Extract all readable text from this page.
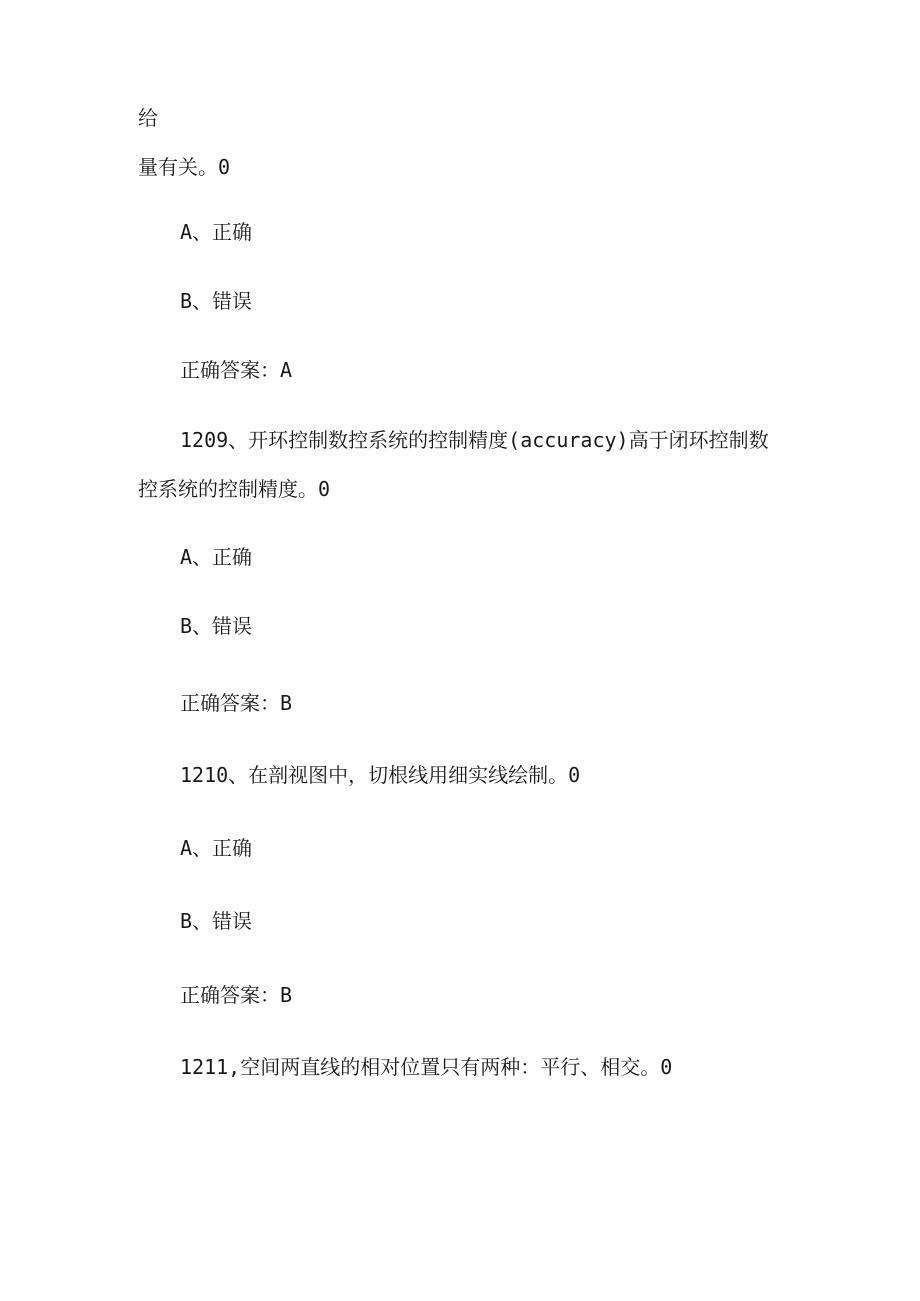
给
量有关。0
A、正确
B、错误
正确答案：A
1209、开环控制数控系统的控制精度(accuracy)高于闭环控制数
控系统的控制精度。0
A、正确
B、错误
正确答案：B
1210、在剖视图中，切根线用细实线绘制。0
A、正确
B、错误
正确答案：B
1211,空间两直线的相对位置只有两种：平行、相交。0
